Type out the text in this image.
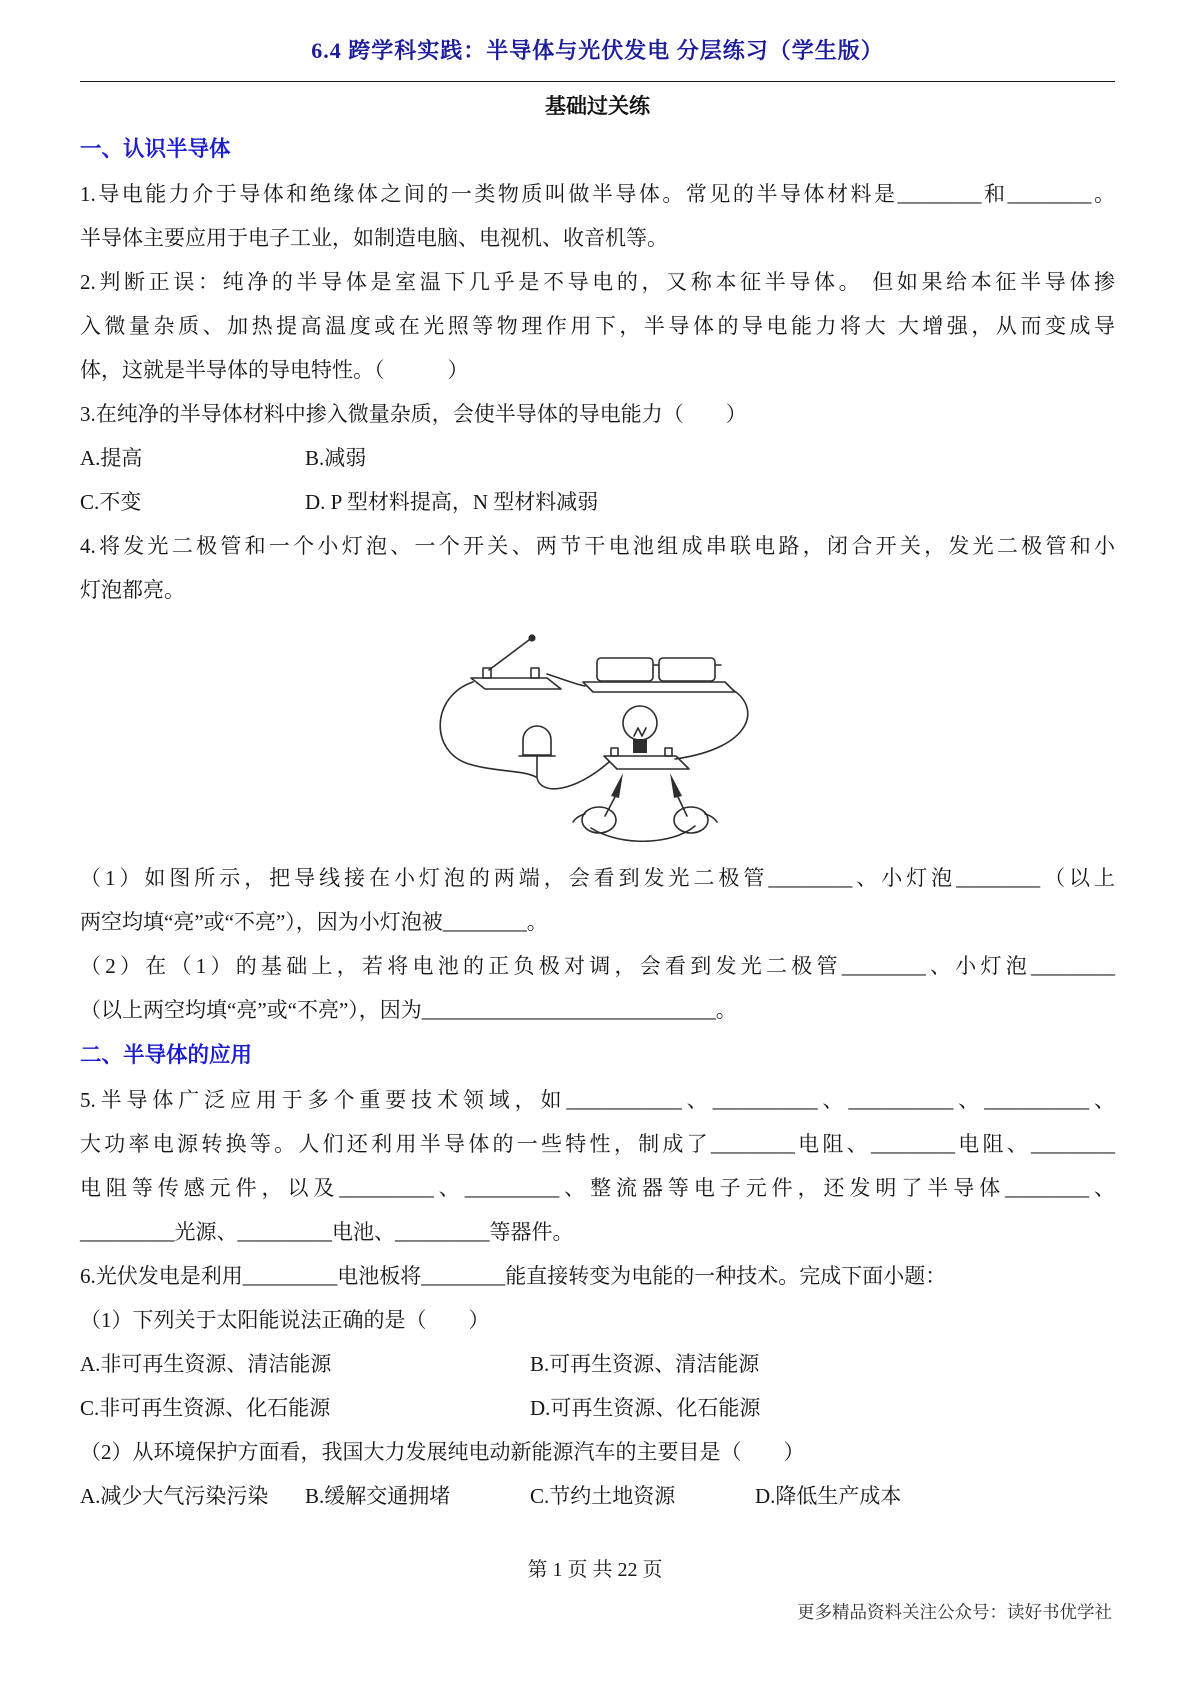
6.4 跨学科实践：半导体与光伏发电 分层练习（学生版）
基础过关练
一、认识半导体
1.导电能力介于导体和绝缘体之间的一类物质叫做半导体。常见的半导体材料是________和________。
半导体主要应用于电子工业，如制造电脑、电视机、收音机等。
2.判断正误：纯净的半导体是室温下几乎是不导电的，又称本征半导体。 但如果给本征半导体掺
入微量杂质、加热提高温度或在光照等物理作用下，半导体的导电能力将大 大增强，从而变成导
体，这就是半导体的导电特性。（　　　）
3.在纯净的半导体材料中掺入微量杂质，会使半导体的导电能力（　　）
A.提高	B.减弱
C.不变	D. P 型材料提高，N 型材料减弱
4.将发光二极管和一个小灯泡、一个开关、两节干电池组成串联电路，闭合开关，发光二极管和小
灯泡都亮。
（1）如图所示，把导线接在小灯泡的两端，会看到发光二极管________、小灯泡________（以上
两空均填“亮”或“不亮”），因为小灯泡被________。
（2）在（1）的基础上，若将电池的正负极对调，会看到发光二极管________、小灯泡________
（以上两空均填“亮”或“不亮”），因为____________________________。
二、半导体的应用
5.半导体广泛应用于多个重要技术领域，如___________、__________、__________、__________、
大功率电源转换等。人们还利用半导体的一些特性，制成了________电阻、________电阻、________
电阻等传感元件，以及_________、_________、整流器等电子元件，还发明了半导体________、
_________光源、_________电池、_________等器件。
6.光伏发电是利用_________电池板将________能直接转变为电能的一种技术。完成下面小题：
（1）下列关于太阳能说法正确的是（　　）
A.非可再生资源、清洁能源	B.可再生资源、清洁能源
C.非可再生资源、化石能源	D.可再生资源、化石能源
（2）从环境保护方面看，我国大力发展纯电动新能源汽车的主要目是（　　）
A.减少大气污染污染	B.缓解交通拥堵	C.节约土地资源	D.降低生产成本
第 1 页 共 22 页
更多精品资料关注公众号：读好书优学社
